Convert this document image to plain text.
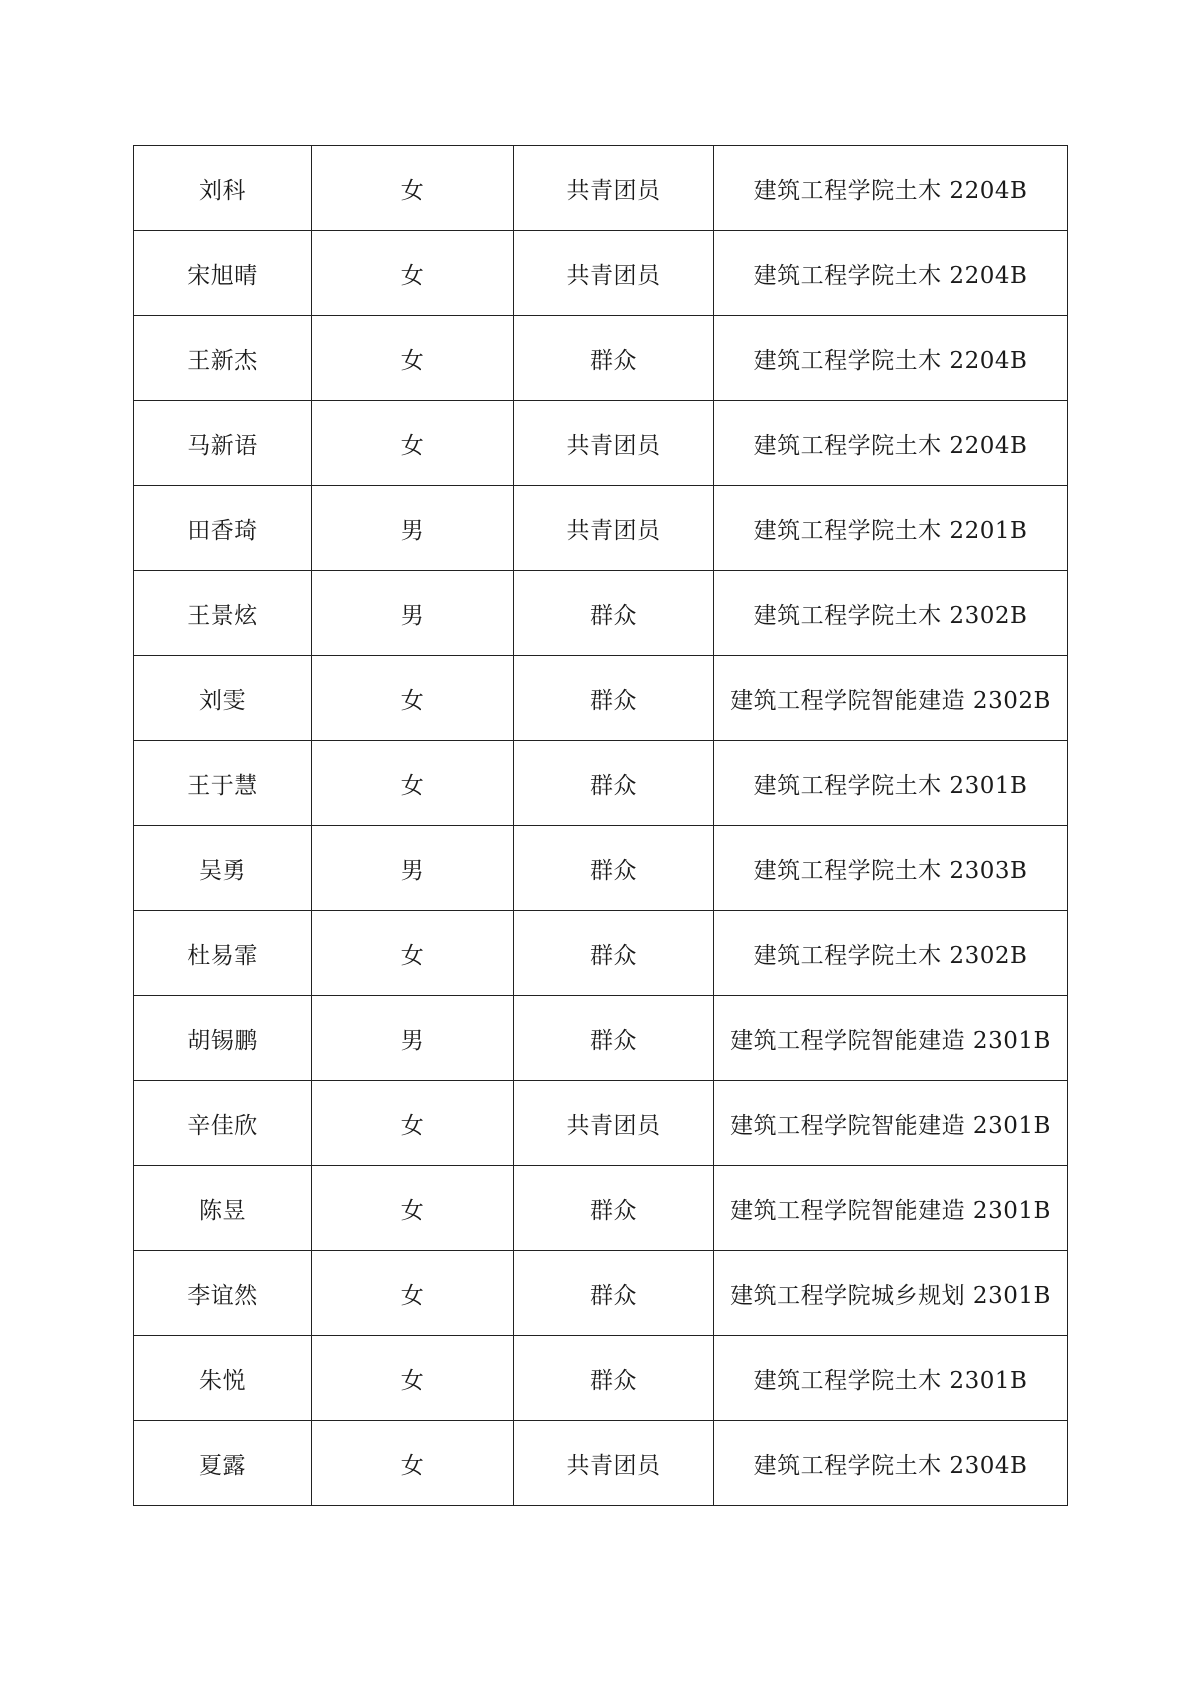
刘科	女	共青团员	建筑工程学院土木 2204B
宋旭晴	女	共青团员	建筑工程学院土木 2204B
王新杰	女	群众	建筑工程学院土木 2204B
马新语	女	共青团员	建筑工程学院土木 2204B
田香琦	男	共青团员	建筑工程学院土木 2201B
王景炫	男	群众	建筑工程学院土木 2302B
刘雯	女	群众	建筑工程学院智能建造 2302B
王于慧	女	群众	建筑工程学院土木 2301B
吴勇	男	群众	建筑工程学院土木 2303B
杜易霏	女	群众	建筑工程学院土木 2302B
胡锡鹏	男	群众	建筑工程学院智能建造 2301B
辛佳欣	女	共青团员	建筑工程学院智能建造 2301B
陈昱	女	群众	建筑工程学院智能建造 2301B
李谊然	女	群众	建筑工程学院城乡规划 2301B
朱悦	女	群众	建筑工程学院土木 2301B
夏露	女	共青团员	建筑工程学院土木 2304B
